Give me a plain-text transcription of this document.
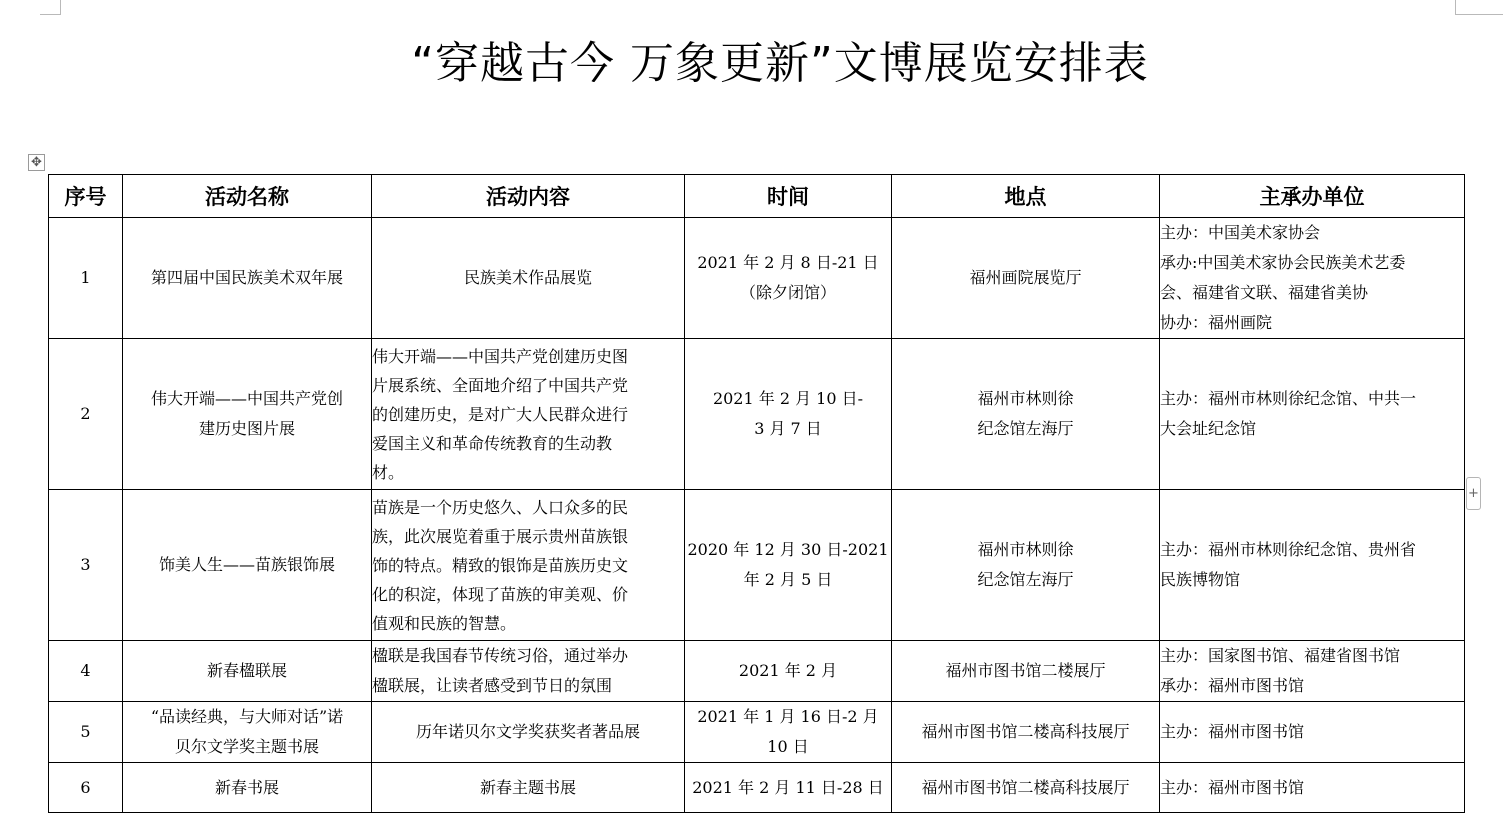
“穿越古今 万象更新”文博展览安排表
✥
+
序号	活动名称	活动内容	时间	地点	主承办单位
1	第四届中国民族美术双年展	民族美术作品展览	2021 年 2 月 8 日-21 日
（除夕闭馆）	福州画院展览厅	主办：中国美术家协会
承办:中国美术家协会民族美术艺委
会、福建省文联、福建省美协
协办：福州画院

2	伟大开端——中国共产党创
建历史图片展	伟大开端——中国共产党创建历史图
片展系统、全面地介绍了中国共产党
的创建历史，是对广大人民群众进行
爱国主义和革命传统教育的生动教
材。	2021 年 2 月 10 日-
3 月 7 日	福州市林则徐
纪念馆左海厅	主办：福州市林则徐纪念馆、中共一
大会址纪念馆

3	饰美人生——苗族银饰展	苗族是一个历史悠久、人口众多的民
族，此次展览着重于展示贵州苗族银
饰的特点。精致的银饰是苗族历史文
化的积淀，体现了苗族的审美观、价
值观和民族的智慧。	2020 年 12 月 30 日-2021
年 2 月 5 日	福州市林则徐
纪念馆左海厅	主办：福州市林则徐纪念馆、贵州省
民族博物馆

4	新春楹联展	楹联是我国春节传统习俗，通过举办
楹联展，让读者感受到节日的氛围	2021 年 2 月	福州市图书馆二楼展厅	主办：国家图书馆、福建省图书馆
承办：福州市图书馆

5	“品读经典，与大师对话”诺
贝尔文学奖主题书展	历年诺贝尔文学奖获奖者著品展	2021 年 1 月 16 日-2 月
10 日	福州市图书馆二楼高科技展厅	主办：福州市图书馆

6	新春书展	新春主题书展	2021 年 2 月 11 日-28 日	福州市图书馆二楼高科技展厅	主办：福州市图书馆
